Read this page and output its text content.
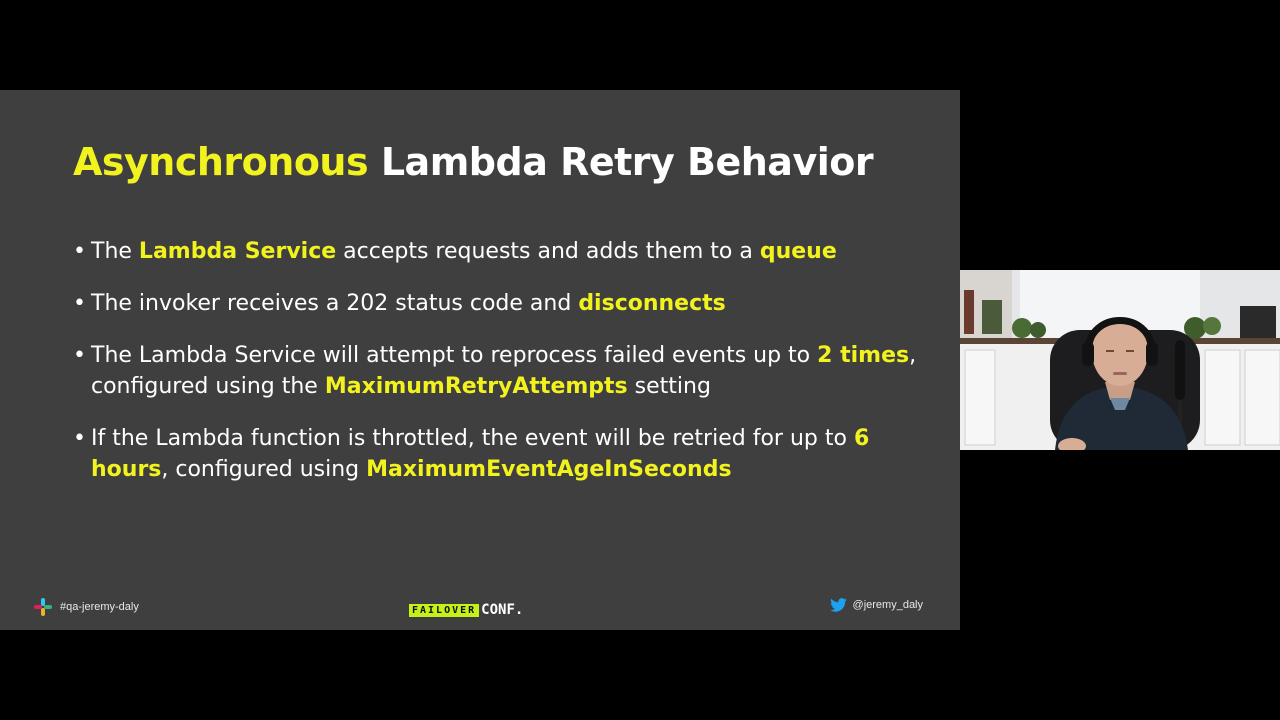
Asynchronous Lambda Retry Behavior
• The Lambda Service accepts requests and adds them to a queue
• The invoker receives a 202 status code and disconnects
• The Lambda Service will attempt to reprocess failed events up to 2 times, configured using the MaximumRetryAttempts setting
• If the Lambda function is throttled, the event will be retried for up to 6 hours, configured using MaximumEventAgeInSeconds
#qa-jeremy-daly	FAILOVER CONF.	@jeremy_daly
